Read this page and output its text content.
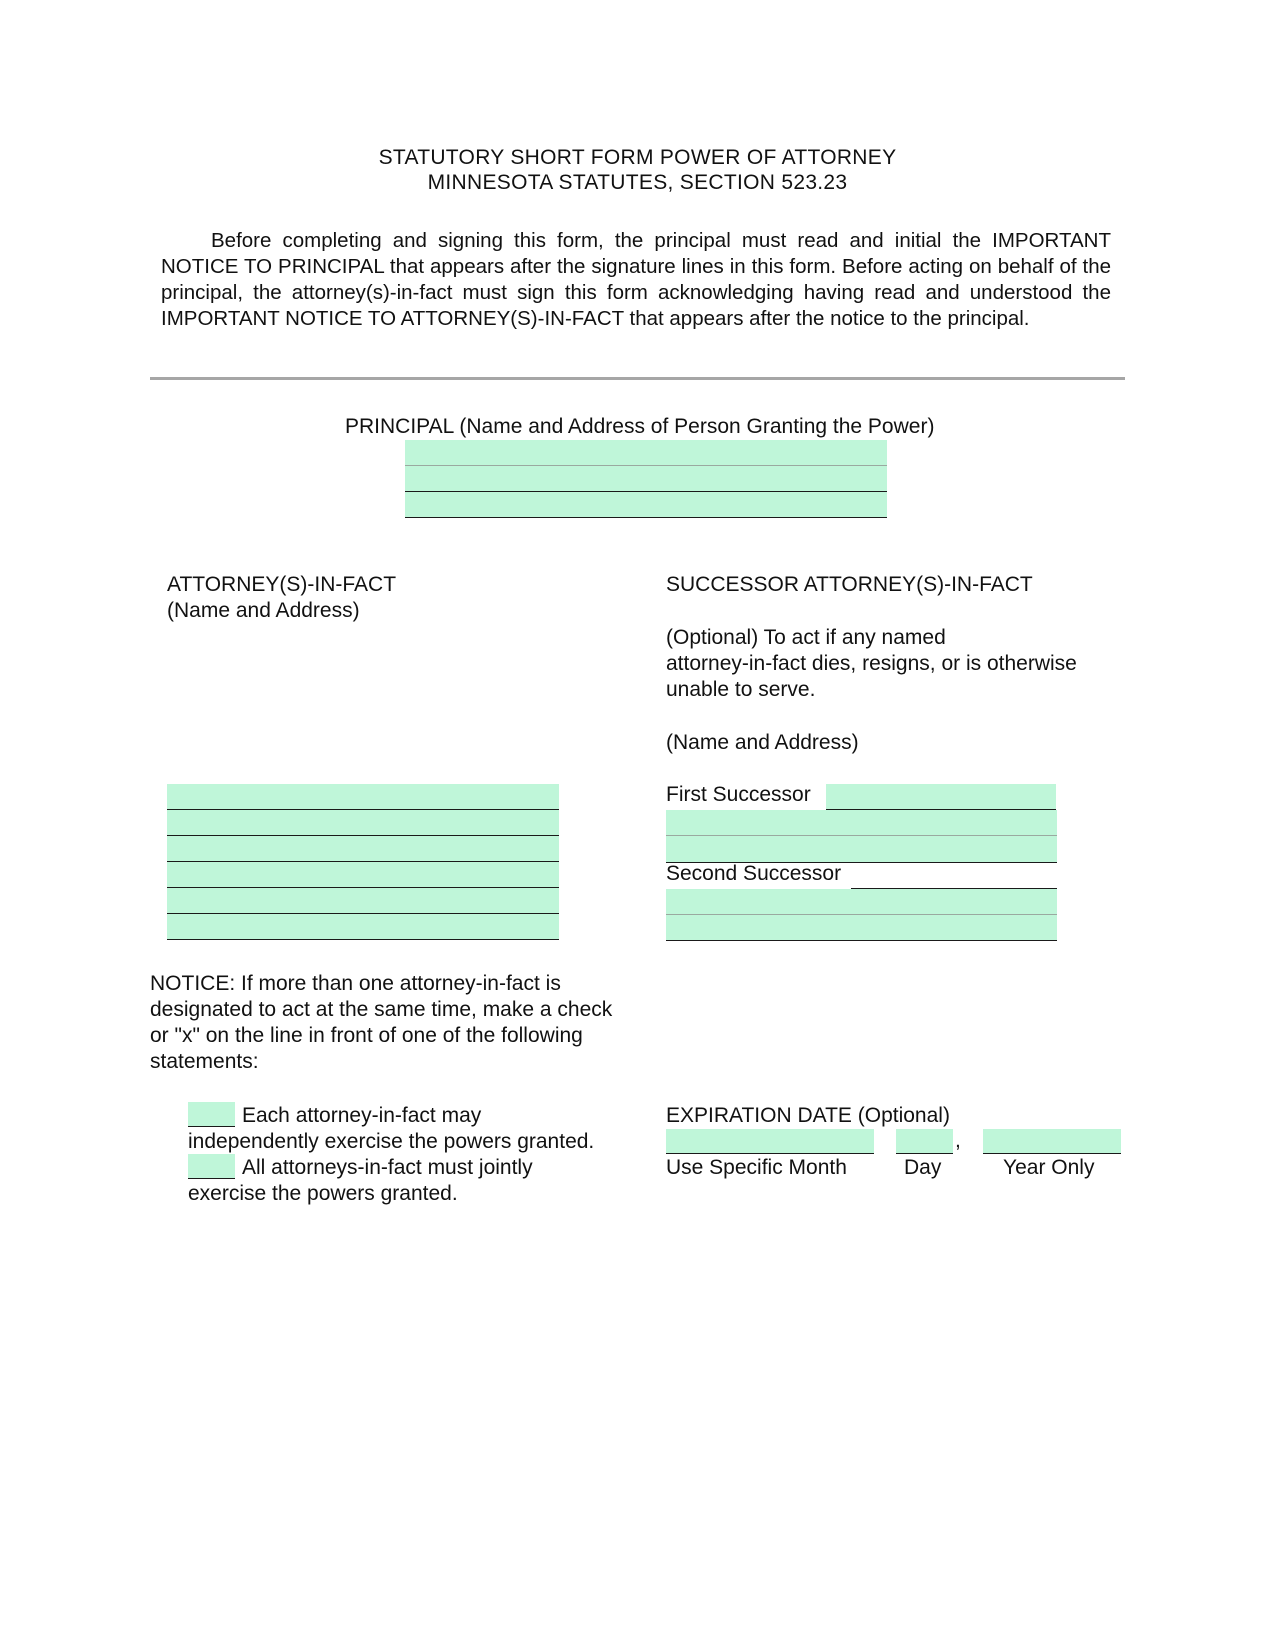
STATUTORY SHORT FORM POWER OF ATTORNEY
MINNESOTA STATUTES, SECTION 523.23
Before completing and signing this form, the principal must read and initial the IMPORTANT NOTICE TO PRINCIPAL that appears after the signature lines in this form. Before acting on behalf of the principal, the attorney(s)-in-fact must sign this form acknowledging having read and understood the IMPORTANT NOTICE TO ATTORNEY(S)-IN-FACT that appears after the notice to the principal.
PRINCIPAL (Name and Address of Person Granting the Power)
ATTORNEY(S)-IN-FACT
(Name and Address)
SUCCESSOR ATTORNEY(S)-IN-FACT
(Optional) To act if any named
attorney-in-fact dies, resigns, or is otherwise
unable to serve.
(Name and Address)
First Successor
Second Successor
NOTICE: If more than one attorney-in-fact is
designated to act at the same time, make a check
or "x" on the line in front of one of the following
statements:
Each attorney-in-fact may
independently exercise the powers granted.
All attorneys-in-fact must jointly
exercise the powers granted.
EXPIRATION DATE (Optional)
,
Use Specific Month	Day	Year Only
